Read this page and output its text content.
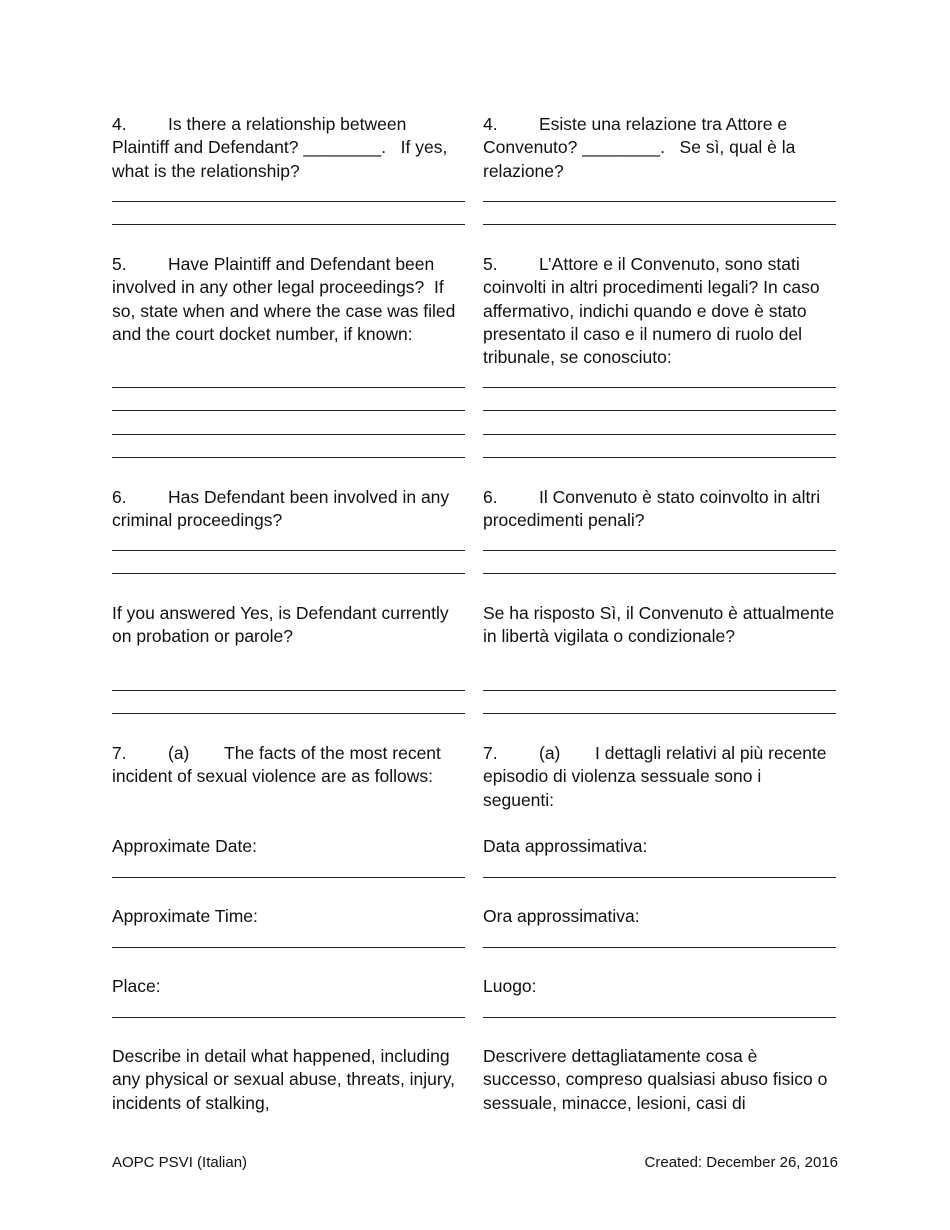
4. Is there a relationship between Plaintiff and Defendant? ________.   If yes, what is the relationship?

4. Esiste una relazione tra Attore e Convenuto? ________.   Se sì, qual è la relazione?

5. Have Plaintiff and Defendant been involved in any other legal proceedings?  If so, state when and where the case was filed and the court docket number, if known:

5. L’Attore e il Convenuto, sono stati coinvolti in altri procedimenti legali? In caso affermativo, indichi quando e dove è stato presentato il caso e il numero di ruolo del tribunale, se conosciuto:

6. Has Defendant been involved in any criminal proceedings?

6. Il Convenuto è stato coinvolto in altri procedimenti penali?

If you answered Yes, is Defendant currently on probation or parole?

Se ha risposto Sì, il Convenuto è attualmente in libertà vigilata o condizionale?

7. (a) The facts of the most recent incident of sexual violence are as follows:

7. (a) I dettagli relativi al più recente episodio di violenza sessuale sono i seguenti:

Approximate Date:	Data approssimativa:

Approximate Time:	Ora approssimativa:

Place:	Luogo:

Describe in detail what happened, including any physical or sexual abuse, threats, injury, incidents of stalking,

Descrivere dettagliatamente cosa è successo, compreso qualsiasi abuso fisico o sessuale, minacce, lesioni, casi di

AOPC PSVI (Italian)	Created: December 26, 2016
